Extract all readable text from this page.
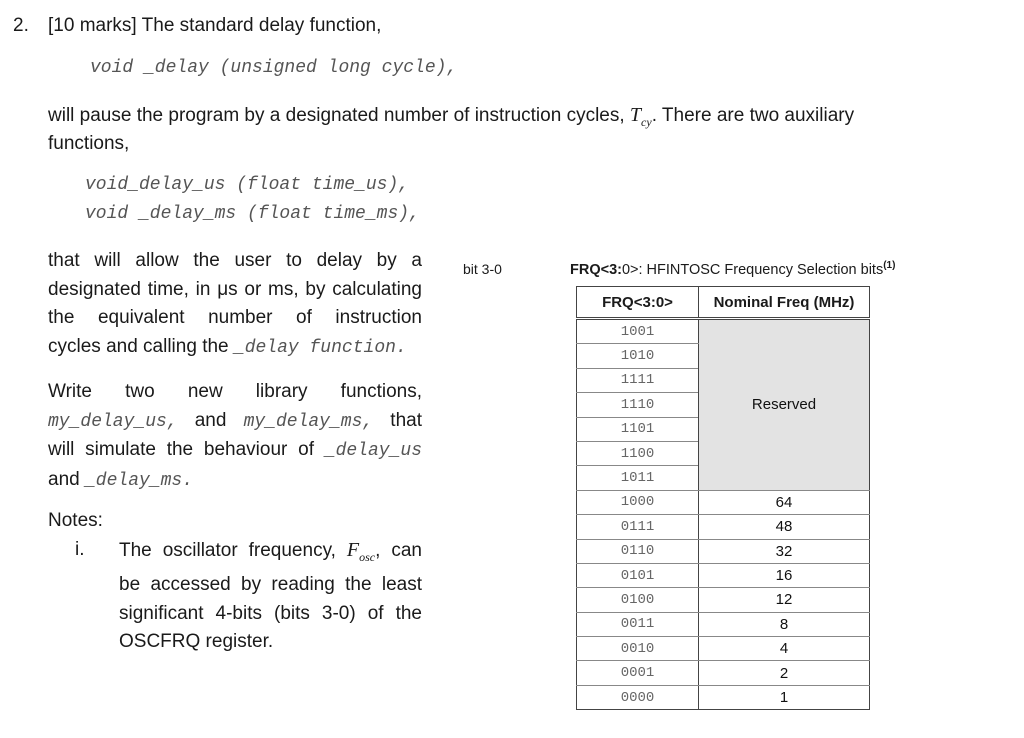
2. [10 marks] The standard delay function,
void _delay (unsigned long cycle),
will pause the program by a designated number of instruction cycles, $T_{cy}$. There are two auxiliary
functions,
void_delay_us (float time_us),
void _delay_ms (float time_ms),
that will allow the user to delay by a
designated time, in μs or ms, by calculating
the equivalent number of instruction
cycles and calling the _delay function.
Write two new library functions,
my_delay_us, and my_delay_ms, that
will simulate the behaviour of _delay_us
and _delay_ms.
Notes:
i. The oscillator frequency, $F_{osc}$, can
be accessed by reading the least
significant 4-bits (bits 3-0) of the
OSCFRQ register.
bit 3-0	FRQ<3:0>: HFINTOSC Frequency Selection bits$^{(1)}$
FRQ<3:0>	Nominal Freq (MHz)
1001	Reserved
1010	
1111	
1110	
1101	
1100	
1011	
1000	64
0111	48
0110	32
0101	16
0100	12
0011	8
0010	4
0001	2
0000	1
